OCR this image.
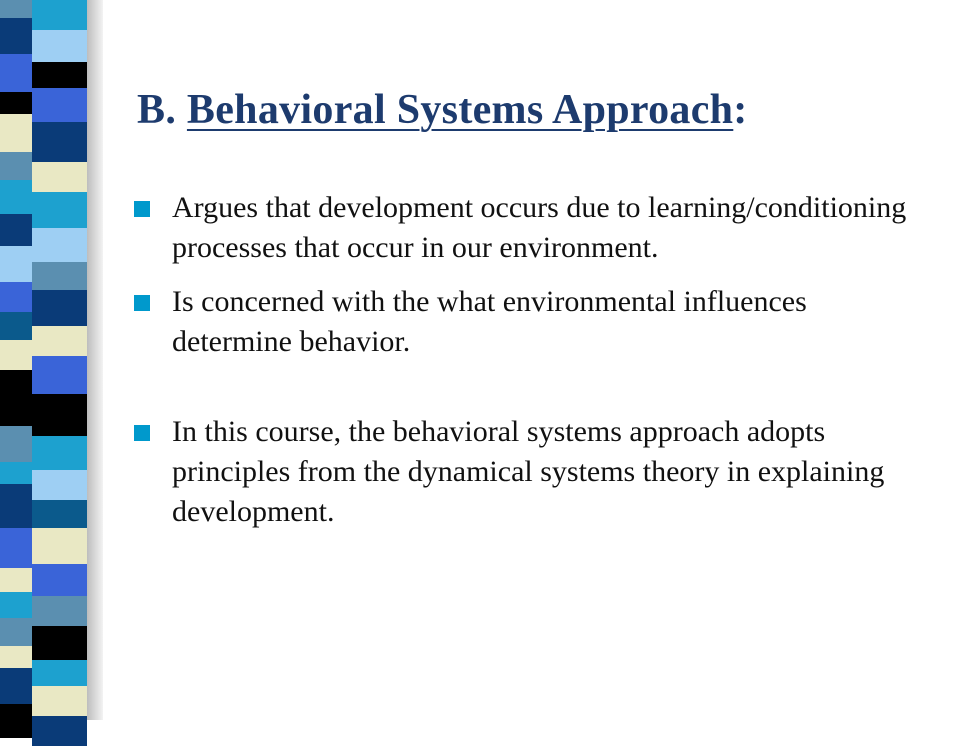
B. Behavioral Systems Approach:
Argues that development occurs due to learning/conditioning processes that occur in our environment.
Is concerned with the what environmental influences determine behavior.
In this course, the behavioral systems approach adopts principles from the dynamical systems theory in explaining development.
